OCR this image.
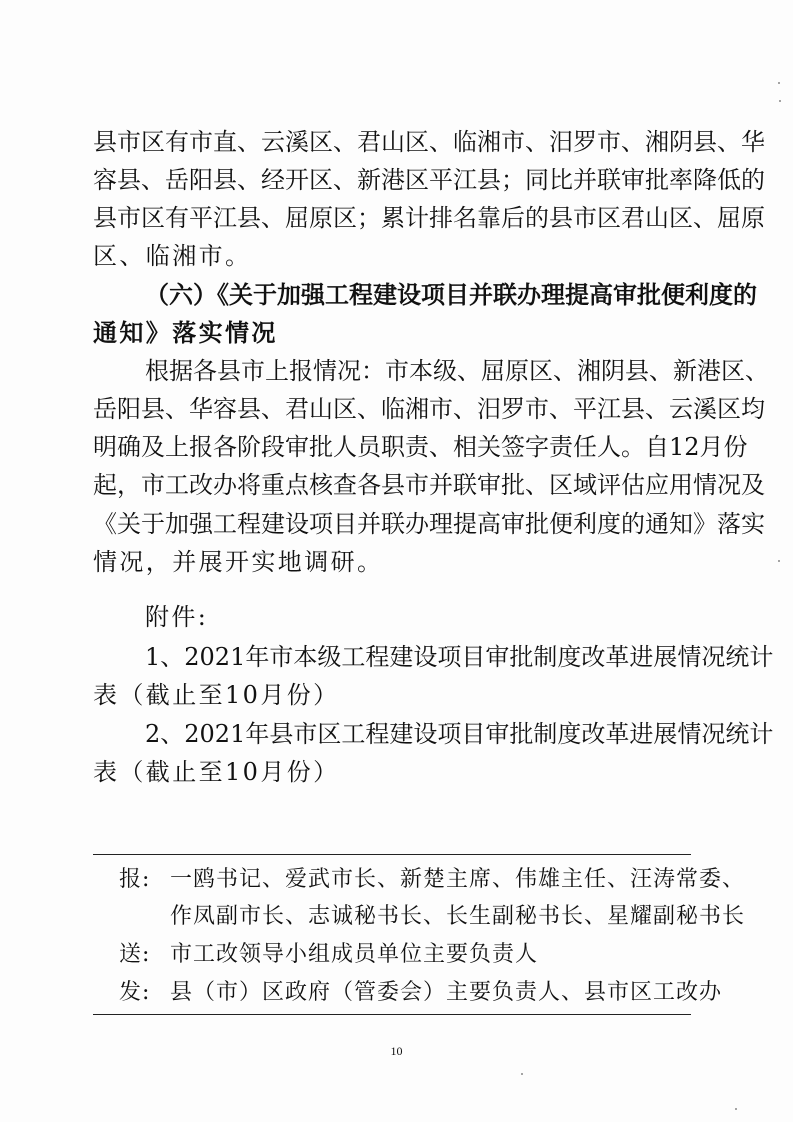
县市区有市直、云溪区、君山区、临湘市、汨罗市、湘阴县、华
容县、岳阳县、经开区、新港区平江县；同比并联审批率降低的
县市区有平江县、屈原区；累计排名靠后的县市区君山区、屈原
区、临湘市。
（六）《关于加强工程建设项目并联办理提高审批便利度的
通知》落实情况
根据各县市上报情况：市本级、屈原区、湘阴县、新港区、
岳阳县、华容县、君山区、临湘市、汨罗市、平江县、云溪区均
明确及上报各阶段审批人员职责、相关签字责任人。自12月份
起，市工改办将重点核查各县市并联审批、区域评估应用情况及
《关于加强工程建设项目并联办理提高审批便利度的通知》落实
情况，并展开实地调研。
附件:
1、2021年市本级工程建设项目审批制度改革进展情况统计
表（截止至10月份）
2、2021年县市区工程建设项目审批制度改革进展情况统计
表（截止至10月份）
报: 一鸥书记、爱武市长、新楚主席、伟雄主任、汪涛常委、
作凤副市长、志诚秘书长、长生副秘书长、星耀副秘书长
送: 市工改领导小组成员单位主要负责人
发: 县（市）区政府（管委会）主要负责人、县市区工改办
10
